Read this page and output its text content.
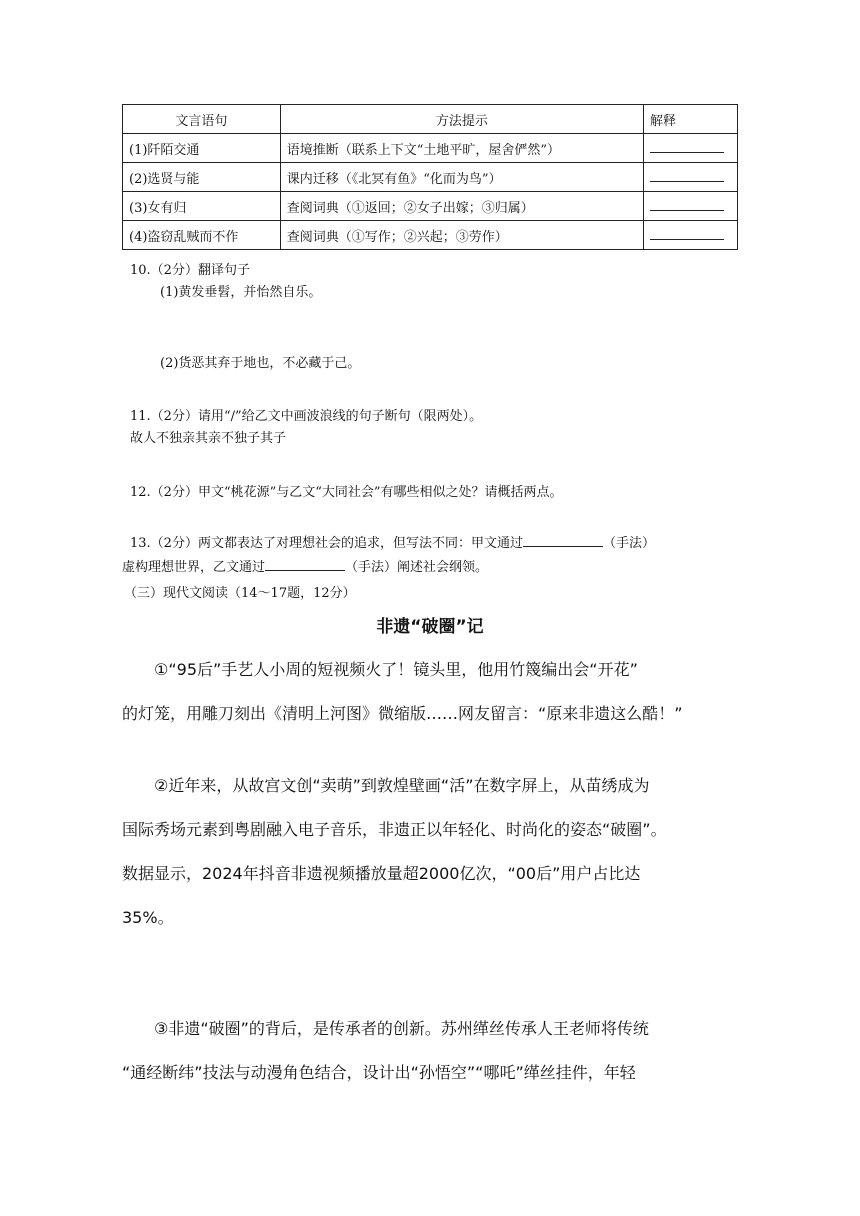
文言语句	方法提示	解释
(1)阡陌交通	语境推断（联系上下文“土地平旷，屋舍俨然”）	
(2)选贤与能	课内迁移（《北冥有鱼》“化而为鸟”）	
(3)女有归	查阅词典（①返回；②女子出嫁；③归属）	
(4)盗窃乱贼而不作	查阅词典（①写作；②兴起；③劳作）	
10.（2分）翻译句子
(1)黄发垂髫，并怡然自乐。
(2)货恶其弃于地也，不必藏于己。
11.（2分）请用“/”给乙文中画波浪线的句子断句（限两处）。
故人不独亲其亲不独子其子
12.（2分）甲文“桃花源”与乙文“大同社会”有哪些相似之处？请概括两点。
13.（2分）两文都表达了对理想社会的追求，但写法不同：甲文通过	（手法）
虚构理想世界，乙文通过	（手法）阐述社会纲领。
（三）现代文阅读（14～17题，12分）
非遗“破圈”记
　　①“95后”手艺人小周的短视频火了！镜头里，他用竹篾编出会“开花”
的灯笼，用雕刀刻出《清明上河图》微缩版……网友留言：“原来非遗这么酷！”
　　②近年来，从故宫文创“卖萌”到敦煌壁画“活”在数字屏上，从苗绣成为
国际秀场元素到粤剧融入电子音乐，非遗正以年轻化、时尚化的姿态“破圈”。
数据显示，2024年抖音非遗视频播放量超2000亿次，“00后”用户占比达
35%。
　　③非遗“破圈”的背后，是传承者的创新。苏州缂丝传承人王老师将传统
“通经断纬”技法与动漫角色结合，设计出“孙悟空”“哪吒”缂丝挂件，年轻
